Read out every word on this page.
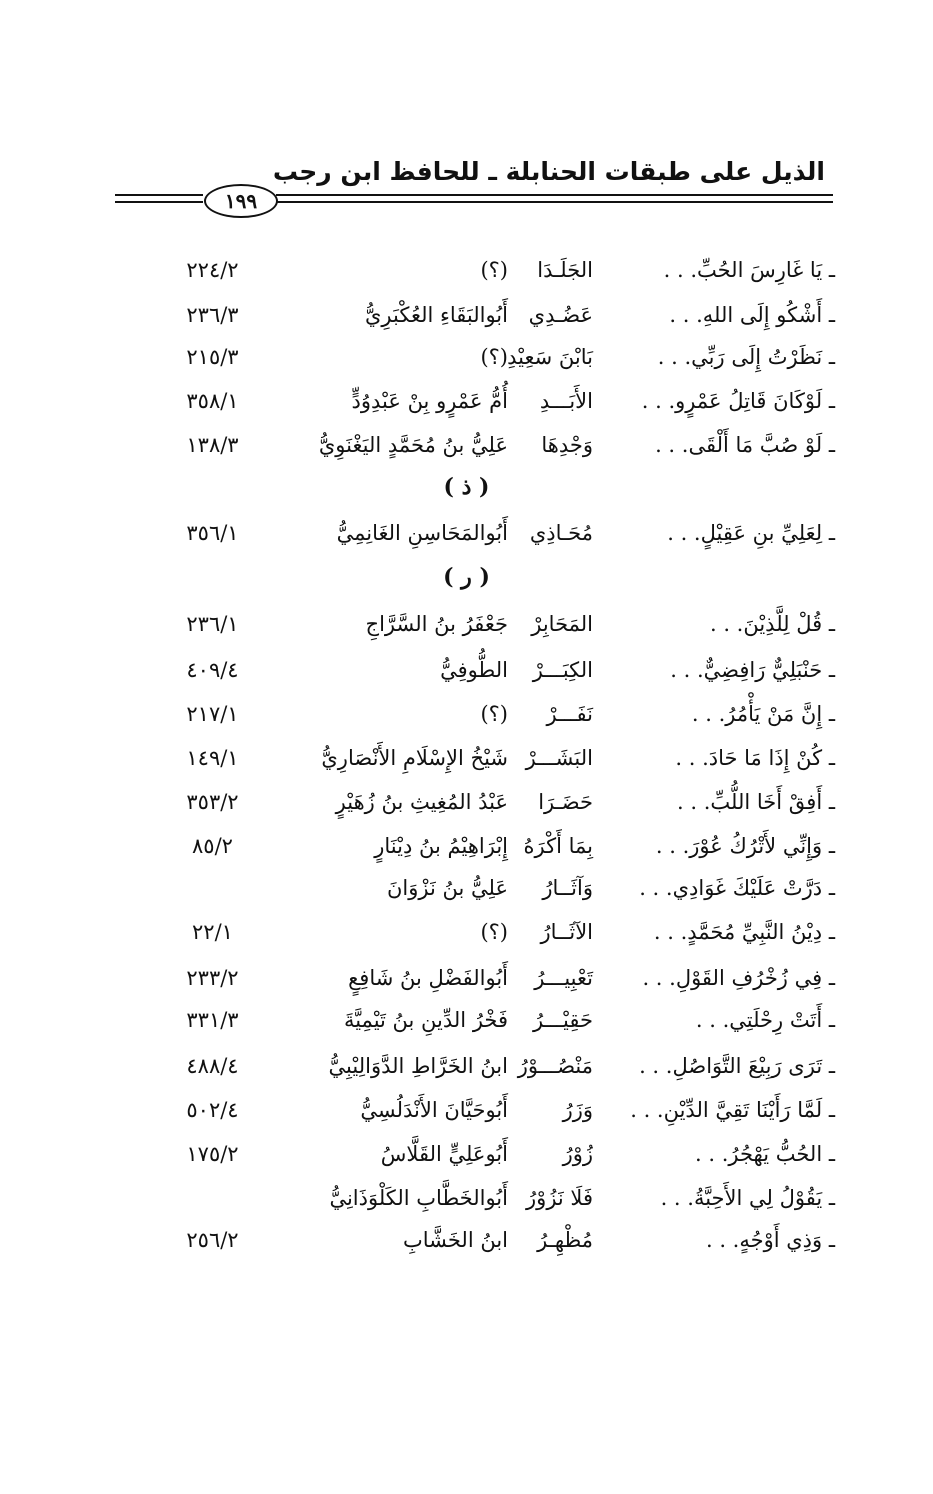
الذيل على طبقات الحنابلة ـ للحافظ ابن رجب
١٩٩
ـ يَا غَارِسَ الحُبِّ. . .
الجَلَـدَا
(؟)
٢٢٤/٢
ـ أَشْكُو إِلَى اللهِ. . .
عَضُـدِي
أَبُوالبَقَاءِ العُكْبَرِيُّ
٢٣٦/٣
ـ نَظَرْتُ إِلَى رَبِّي. . .
بَابْنَ سَعِيْدِ
(؟)
٢١٥/٣
ـ لَوْكَانَ قَاتِلُ عَمْرٍو. . .
الأَبَـــدِ
أُمُّ عَمْرٍو بِنْ عَبْدِوُدٍّ
٣٥٨/١
ـ لَوْ صُبَّ مَا أَلْقَى. . .
وَجْدِهَا
عَلِيُّ بنُ مُحَمَّدٍ اليَغْنَوِيُّ
١٣٨/٣
( ذ )
ـ لِعَلِيِّ بنِ عَقِيْلٍ. . .
مُحَـاذِي
أَبُوالمَحَاسِنِ الغَانِمِيُّ
٣٥٦/١
( ر )
ـ قُلْ لِلَّذِيْنَ. . .
المَحَابِرْ
جَعْفَرُ بنُ السَّرَّاجِ
٢٣٦/١
ـ حَنْبَلِيٌّ رَافِضِيٌّ. . .
الكِبَـــرْ
الطُّوفِيُّ
٤٠٩/٤
ـ إِنَّ مَنْ يَأْمُرُ. . .
نَفَـــرْ
(؟)
٢١٧/١
ـ كُنْ إِذَا مَا حَادَ. . .
البَشَـــرْ
شَيْخُ الإِسْلَامِ الأَنْصَارِيُّ
١٤٩/١
ـ أَفِقْ أَخَا اللُّبِّ. . .
حَضَـرَا
عَبْدُ المُغِيثِ بنُ زُهَيْرٍ
٣٥٣/٢
ـ وَإِنِّي لأَتْرُكُ عُوْرَ. . .
بِمَا أَكْرَهُ
إِبْرَاهِيْمُ بنُ دِيْنَارٍ
٨٥/٢
ـ دَرَّتْ عَلَيْكَ غَوَادِي. . .
وَآثَــارُ
عَلِيُّ بنُ نَزْوَانَ
ـ دِيْنُ النَّبِيِّ مُحَمَّدٍ. . .
الآثَــارُ
(؟)
٢٢/١
ـ فِي زُخْرُفِ القَوْلِ. . .
تَعْبِيـــرُ
أَبُوالفَضْلِ بنُ شَافِعٍ
٢٣٣/٢
ـ أَتَتْ رِحْلَتِي. . .
حَقِيْـــرُ
فَخْرُ الدِّينِ بنُ تَيْمِيَّةَ
٣٣١/٣
ـ تَرَى رَبِيْعَ التَّوَاصُلِ. . .
مَنْصُـــوْرُ
ابنُ الخَرَّاطِ الدَّوَالِيْبِيُّ
٤٨٨/٤
ـ لَمَّا رَأَيْنَا تَقِيَّ الدِّيْنِ. . .
وَزَرُ
أَبُوحَيَّانَ الأَنْدَلُسِيُّ
٥٠٢/٤
ـ الحُبُّ يَهْجُرُ. . .
زُوْرُ
أَبُوعَلِيٍّ القَلَّاسُ
١٧٥/٢
ـ يَقُوْلُ لِي الأَحِبَّةُ. . .
فَلَا نَزُوْرُ
أَبُوالخَطَّابِ الكَلْوَذَانِيُّ
ـ وَذِي أَوْجُهٍ. . .
مُظْهِـرُ
ابنُ الخَشَّابِ
٢٥٦/٢
